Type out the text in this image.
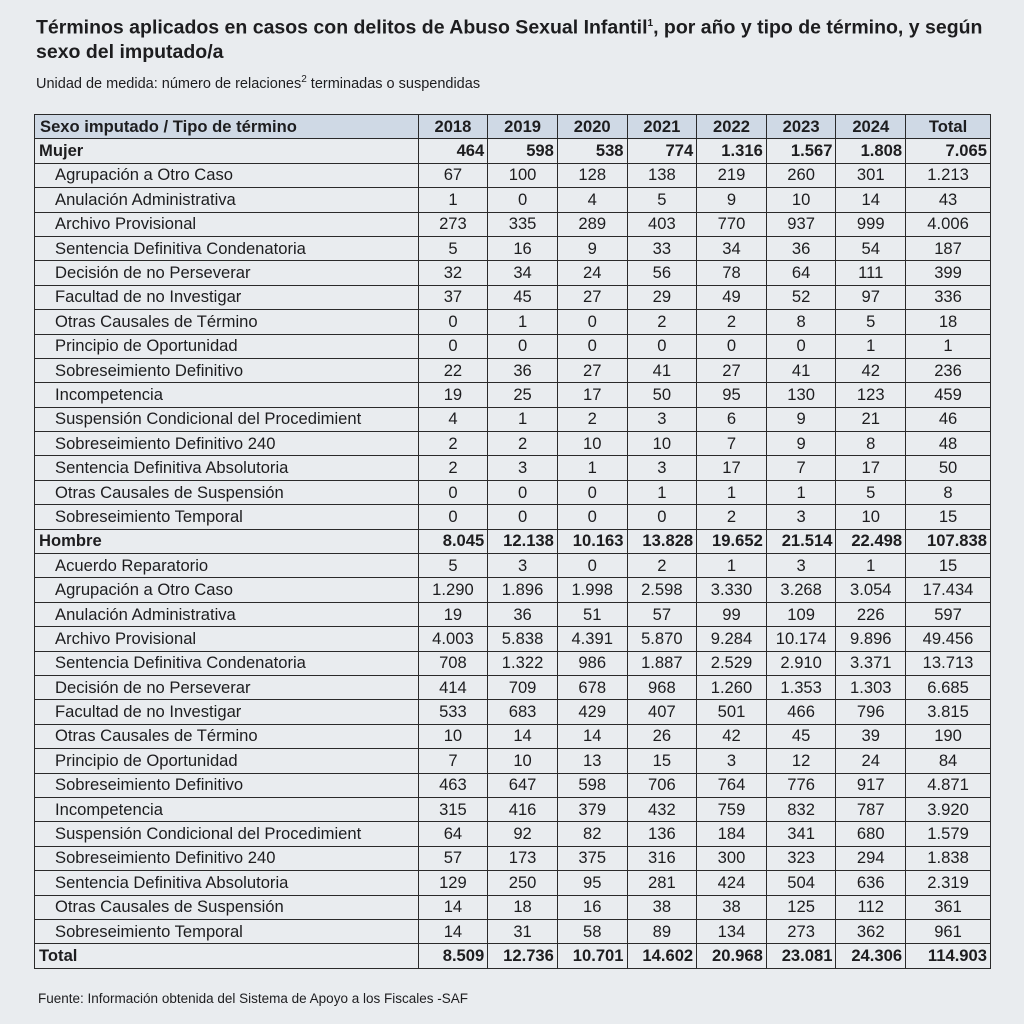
Términos aplicados en casos con delitos de Abuso Sexual Infantil$^1$, por año y tipo de término, y según sexo del imputado/a
Unidad de medida: número de relaciones$^2$ terminadas o suspendidas
Sexo imputado / Tipo de término	2018	2019	2020	2021	2022	2023	2024	Total
Mujer	464	598	538	774	1.316	1.567	1.808	7.065
Agrupación a Otro Caso	67	100	128	138	219	260	301	1.213
Anulación Administrativa	1	0	4	5	9	10	14	43
Archivo Provisional	273	335	289	403	770	937	999	4.006
Sentencia Definitiva Condenatoria	5	16	9	33	34	36	54	187
Decisión de no Perseverar	32	34	24	56	78	64	111	399
Facultad de no Investigar	37	45	27	29	49	52	97	336
Otras Causales de Término	0	1	0	2	2	8	5	18
Principio de Oportunidad	0	0	0	0	0	0	1	1
Sobreseimiento Definitivo	22	36	27	41	27	41	42	236
Incompetencia	19	25	17	50	95	130	123	459
Suspensión Condicional del Procedimient	4	1	2	3	6	9	21	46
Sobreseimiento Definitivo 240	2	2	10	10	7	9	8	48
Sentencia Definitiva Absolutoria	2	3	1	3	17	7	17	50
Otras Causales de Suspensión	0	0	0	1	1	1	5	8
Sobreseimiento Temporal	0	0	0	0	2	3	10	15
Hombre	8.045	12.138	10.163	13.828	19.652	21.514	22.498	107.838
Acuerdo Reparatorio	5	3	0	2	1	3	1	15
Agrupación a Otro Caso	1.290	1.896	1.998	2.598	3.330	3.268	3.054	17.434
Anulación Administrativa	19	36	51	57	99	109	226	597
Archivo Provisional	4.003	5.838	4.391	5.870	9.284	10.174	9.896	49.456
Sentencia Definitiva Condenatoria	708	1.322	986	1.887	2.529	2.910	3.371	13.713
Decisión de no Perseverar	414	709	678	968	1.260	1.353	1.303	6.685
Facultad de no Investigar	533	683	429	407	501	466	796	3.815
Otras Causales de Término	10	14	14	26	42	45	39	190
Principio de Oportunidad	7	10	13	15	3	12	24	84
Sobreseimiento Definitivo	463	647	598	706	764	776	917	4.871
Incompetencia	315	416	379	432	759	832	787	3.920
Suspensión Condicional del Procedimient	64	92	82	136	184	341	680	1.579
Sobreseimiento Definitivo 240	57	173	375	316	300	323	294	1.838
Sentencia Definitiva Absolutoria	129	250	95	281	424	504	636	2.319
Otras Causales de Suspensión	14	18	16	38	38	125	112	361
Sobreseimiento Temporal	14	31	58	89	134	273	362	961
Total	8.509	12.736	10.701	14.602	20.968	23.081	24.306	114.903
Fuente: Información obtenida del Sistema de Apoyo a los Fiscales -SAF
